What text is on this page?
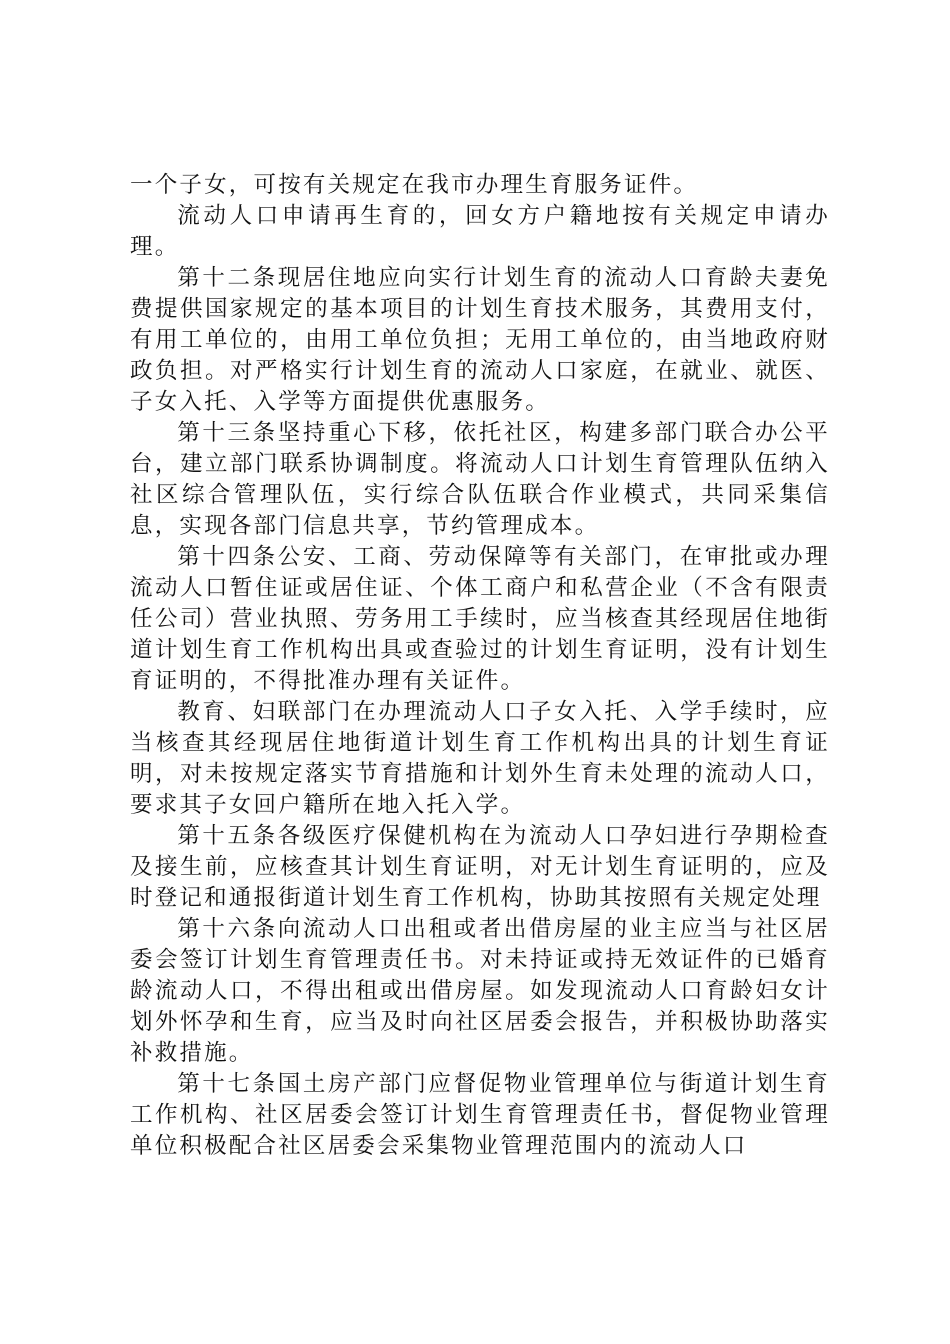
一个子女，可按有关规定在我市办理生育服务证件。

流动人口申请再生育的，回女方户籍地按有关规定申请办理。

第十二条现居住地应向实行计划生育的流动人口育龄夫妻免费提供国家规定的基本项目的计划生育技术服务，其费用支付，有用工单位的，由用工单位负担；无用工单位的，由当地政府财政负担。对严格实行计划生育的流动人口家庭，在就业、就医、子女入托、入学等方面提供优惠服务。

第十三条坚持重心下移，依托社区，构建多部门联合办公平台，建立部门联系协调制度。将流动人口计划生育管理队伍纳入社区综合管理队伍，实行综合队伍联合作业模式，共同采集信息，实现各部门信息共享，节约管理成本。

第十四条公安、工商、劳动保障等有关部门，在审批或办理流动人口暂住证或居住证、个体工商户和私营企业（不含有限责任公司）营业执照、劳务用工手续时，应当核查其经现居住地街道计划生育工作机构出具或查验过的计划生育证明，没有计划生育证明的，不得批准办理有关证件。

教育、妇联部门在办理流动人口子女入托、入学手续时，应当核查其经现居住地街道计划生育工作机构出具的计划生育证明，对未按规定落实节育措施和计划外生育未处理的流动人口，要求其子女回户籍所在地入托入学。

第十五条各级医疗保健机构在为流动人口孕妇进行孕期检查及接生前，应核查其计划生育证明，对无计划生育证明的，应及时登记和通报街道计划生育工作机构，协助其按照有关规定处理

第十六条向流动人口出租或者出借房屋的业主应当与社区居委会签订计划生育管理责任书。对未持证或持无效证件的已婚育龄流动人口，不得出租或出借房屋。如发现流动人口育龄妇女计划外怀孕和生育，应当及时向社区居委会报告，并积极协助落实补救措施。

第十七条国土房产部门应督促物业管理单位与街道计划生育工作机构、社区居委会签订计划生育管理责任书，督促物业管理单位积极配合社区居委会采集物业管理范围内的流动人口
